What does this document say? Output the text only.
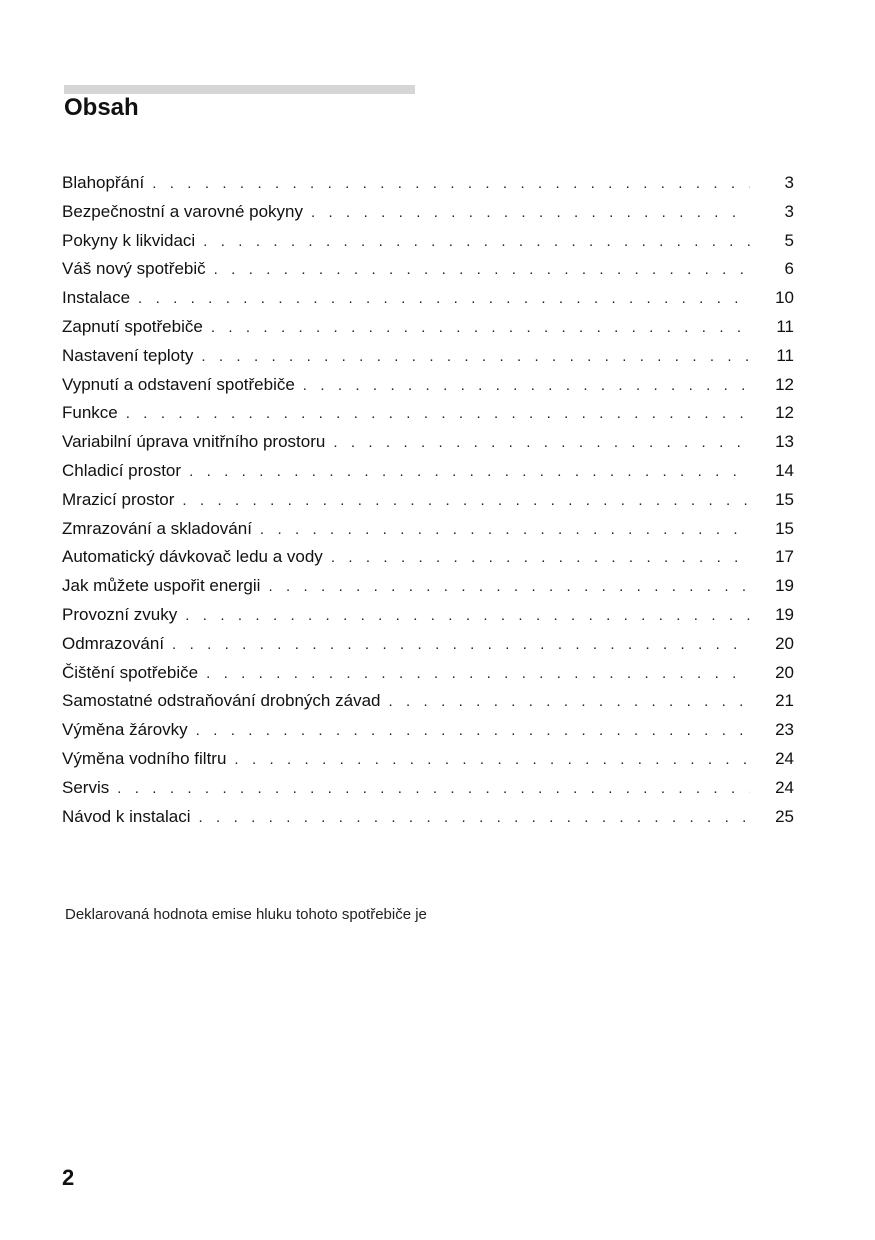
Obsah
Blahopřání . . .	3
Bezpečnostní a varovné pokyny . . .	3
Pokyny k likvidaci . . .	5
Váš nový spotřebič . . .	6
Instalace . . .	10
Zapnutí spotřebiče . . .	11
Nastavení teploty . . .	11
Vypnutí a odstavení spotřebiče . . .	12
Funkce . . .	12
Variabilní úprava vnitřního prostoru . . .	13
Chladicí prostor . . .	14
Mrazicí prostor . . .	15
Zmrazování a skladování . . .	15
Automatický dávkovač ledu a vody . . .	17
Jak můžete uspořit energii . . .	19
Provozní zvuky . . .	19
Odmrazování . . .	20
Čištění spotřebiče . . .	20
Samostatné odstraňování drobných závad . . .	21
Výměna žárovky . . .	23
Výměna vodního filtru . . .	24
Servis . . .	24
Návod k instalaci . . .	25

Deklarovaná hodnota emise hluku tohoto spotřebiče je

2
